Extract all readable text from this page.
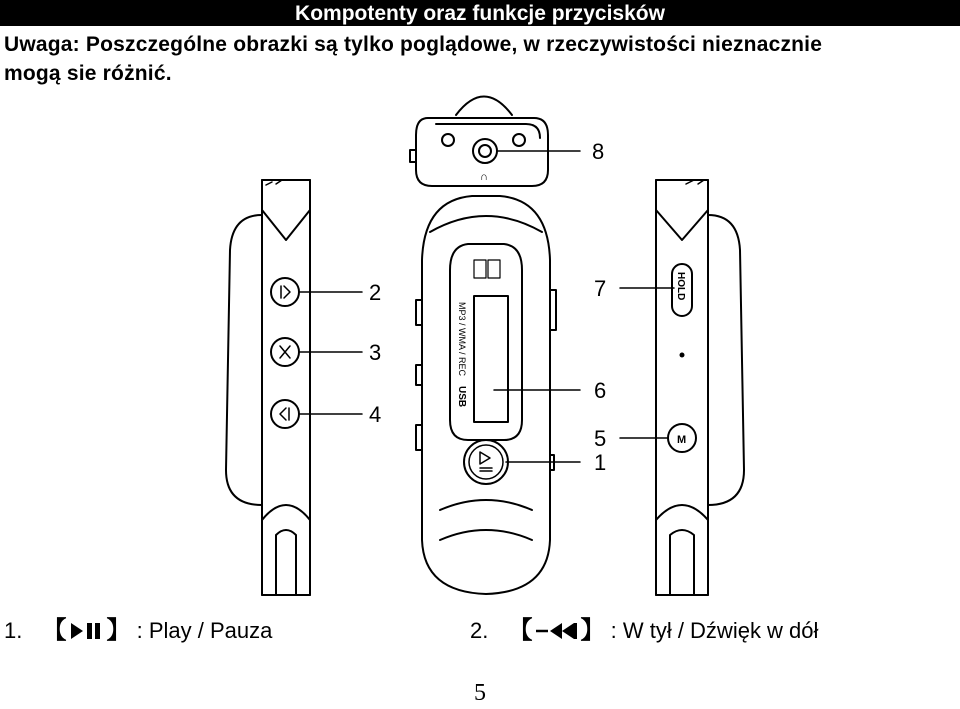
Kompotenty oraz funkcje przycisków
Uwaga: Poszczególne obrazki są tylko poglądowe, w rzeczywistości nieznacznie
mogą sie różnić.
∩
MP3 / WMA / REC
USB
HOLD
M
1
2
3
4
5
6
7
8
1. 【 】 : Play / Pauza	2. 【 】 : W tył / Dźwięk w dół
5
